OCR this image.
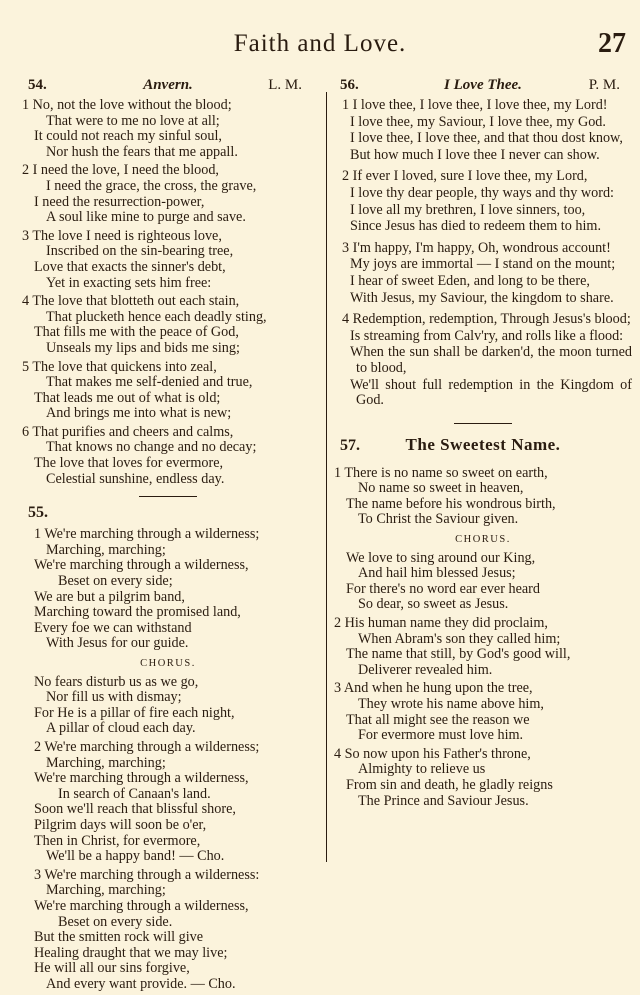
Faith and Love.	27
54.	Anvern.	L. M.
1 No, not the love without the blood;
That were to me no love at all;
It could not reach my sinful soul,
Nor hush the fears that me appall.
2 I need the love, I need the blood,
I need the grace, the cross, the grave,
I need the resurrection-power,
A soul like mine to purge and save.
3 The love I need is righteous love,
Inscribed on the sin-bearing tree,
Love that exacts the sinner's debt,
Yet in exacting sets him free:
4 The love that blotteth out each stain,
That plucketh hence each deadly sting,
That fills me with the peace of God,
Unseals my lips and bids me sing;
5 The love that quickens into zeal,
That makes me self-denied and true,
That leads me out of what is old;
And brings me into what is new;
6 That purifies and cheers and calms,
That knows no change and no decay;
The love that loves for evermore,
Celestial sunshine, endless day.
55.
1 We're marching through a wilderness;
Marching, marching;
We're marching through a wilderness,
Beset on every side;
We are but a pilgrim band,
Marching toward the promised land,
Every foe we can withstand
With Jesus for our guide.
CHORUS.
No fears disturb us as we go,
Nor fill us with dismay;
For He is a pillar of fire each night,
A pillar of cloud each day.
2 We're marching through a wilderness;
Marching, marching;
We're marching through a wilderness,
In search of Canaan's land.
Soon we'll reach that blissful shore,
Pilgrim days will soon be o'er,
Then in Christ, for evermore,
We'll be a happy band! — Cho.
3 We're marching through a wilderness:
Marching, marching;
We're marching through a wilderness,
Beset on every side.
But the smitten rock will give
Healing draught that we may live;
He will all our sins forgive,
And every want provide. — Cho.
56.	I Love Thee.	P. M.
1 I love thee, I love thee, I love thee, my Lord!
I love thee, my Saviour, I love thee, my God.
I love thee, I love thee, and that thou dost know,
But how much I love thee I never can show.
2 If ever I loved, sure I love thee, my Lord,
I love thy dear people, thy ways and thy word:
I love all my brethren, I love sinners, too,
Since Jesus has died to redeem them to him.
3 I'm happy, I'm happy, Oh, wondrous account!
My joys are immortal — I stand on the mount;
I hear of sweet Eden, and long to be there,
With Jesus, my Saviour, the kingdom to share.
4 Redemption, redemption, Through Jesus's blood;
Is streaming from Calv'ry, and rolls like a flood:
When the sun shall be darken'd, the moon turned to blood,
We'll shout full redemption in the Kingdom of God.
57.	The Sweetest Name.
1 There is no name so sweet on earth,
No name so sweet in heaven,
The name before his wondrous birth,
To Christ the Saviour given.
CHORUS.
We love to sing around our King,
And hail him blessed Jesus;
For there's no word ear ever heard
So dear, so sweet as Jesus.
2 His human name they did proclaim,
When Abram's son they called him;
The name that still, by God's good will,
Deliverer revealed him.
3 And when he hung upon the tree,
They wrote his name above him,
That all might see the reason we
For evermore must love him.
4 So now upon his Father's throne,
Almighty to relieve us
From sin and death, he gladly reigns
The Prince and Saviour Jesus.
